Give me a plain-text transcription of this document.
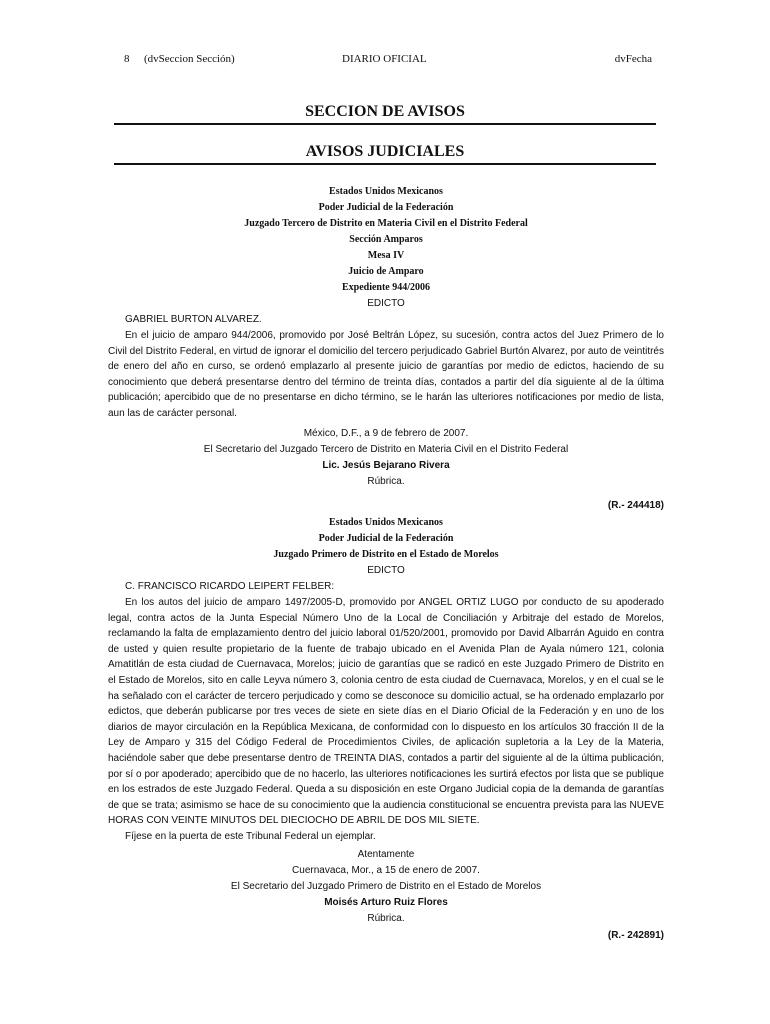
8 (dvSeccion Sección)	DIARIO OFICIAL	dvFecha
SECCION DE AVISOS
AVISOS JUDICIALES
Estados Unidos Mexicanos
Poder Judicial de la Federación
Juzgado Tercero de Distrito en Materia Civil en el Distrito Federal
Sección Amparos
Mesa IV
Juicio de Amparo
Expediente 944/2006
EDICTO
GABRIEL BURTON ALVAREZ.

En el juicio de amparo 944/2006, promovido por José Beltrán López, su sucesión, contra actos del Juez Primero de lo Civil del Distrito Federal, en virtud de ignorar el domicilio del tercero perjudicado Gabriel Burtón Alvarez, por auto de veintitrés de enero del año en curso, se ordenó emplazarlo al presente juicio de garantías por medio de edictos, haciendo de su conocimiento que deberá presentarse dentro del término de treinta días, contados a partir del día siguiente al de la última publicación; apercibido que de no presentarse en dicho término, se le harán las ulteriores notificaciones por medio de lista, aun las de carácter personal.

México, D.F., a 9 de febrero de 2007.
El Secretario del Juzgado Tercero de Distrito en Materia Civil en el Distrito Federal
Lic. Jesús Bejarano Rivera
Rúbrica.
(R.- 244418)
Estados Unidos Mexicanos
Poder Judicial de la Federación
Juzgado Primero de Distrito en el Estado de Morelos
EDICTO
C. FRANCISCO RICARDO LEIPERT FELBER:

En los autos del juicio de amparo 1497/2005-D, promovido por ANGEL ORTIZ LUGO por conducto de su apoderado legal, contra actos de la Junta Especial Número Uno de la Local de Conciliación y Arbitraje del estado de Morelos, reclamando la falta de emplazamiento dentro del juicio laboral 01/520/2001, promovido por David Albarrán Aguido en contra de usted y quien resulte propietario de la fuente de trabajo ubicado en el Avenida Plan de Ayala número 121, colonia Amatitlán de esta ciudad de Cuernavaca, Morelos; juicio de garantías que se radicó en este Juzgado Primero de Distrito en el Estado de Morelos, sito en calle Leyva número 3, colonia centro de esta ciudad de Cuernavaca, Morelos, y en el cual se le ha señalado con el carácter de tercero perjudicado y como se desconoce su domicilio actual, se ha ordenado emplazarlo por edictos, que deberán publicarse por tres veces de siete en siete días en el Diario Oficial de la Federación y en uno de los diarios de mayor circulación en la República Mexicana, de conformidad con lo dispuesto en los artículos 30 fracción II de la Ley de Amparo y 315 del Código Federal de Procedimientos Civiles, de aplicación supletoria a la Ley de la Materia, haciéndole saber que debe presentarse dentro de TREINTA DIAS, contados a partir del siguiente al de la última publicación, por sí o por apoderado; apercibido que de no hacerlo, las ulteriores notificaciones les surtirá efectos por lista que se publique en los estrados de este Juzgado Federal. Queda a su disposición en este Organo Judicial copia de la demanda de garantías de que se trata; asimismo se hace de su conocimiento que la audiencia constitucional se encuentra prevista para las NUEVE HORAS CON VEINTE MINUTOS DEL DIECIOCHO DE ABRIL DE DOS MIL SIETE.

Fíjese en la puerta de este Tribunal Federal un ejemplar.

Atentamente
Cuernavaca, Mor., a 15 de enero de 2007.
El Secretario del Juzgado Primero de Distrito en el Estado de Morelos
Moisés Arturo Ruiz Flores
Rúbrica.
(R.- 242891)
